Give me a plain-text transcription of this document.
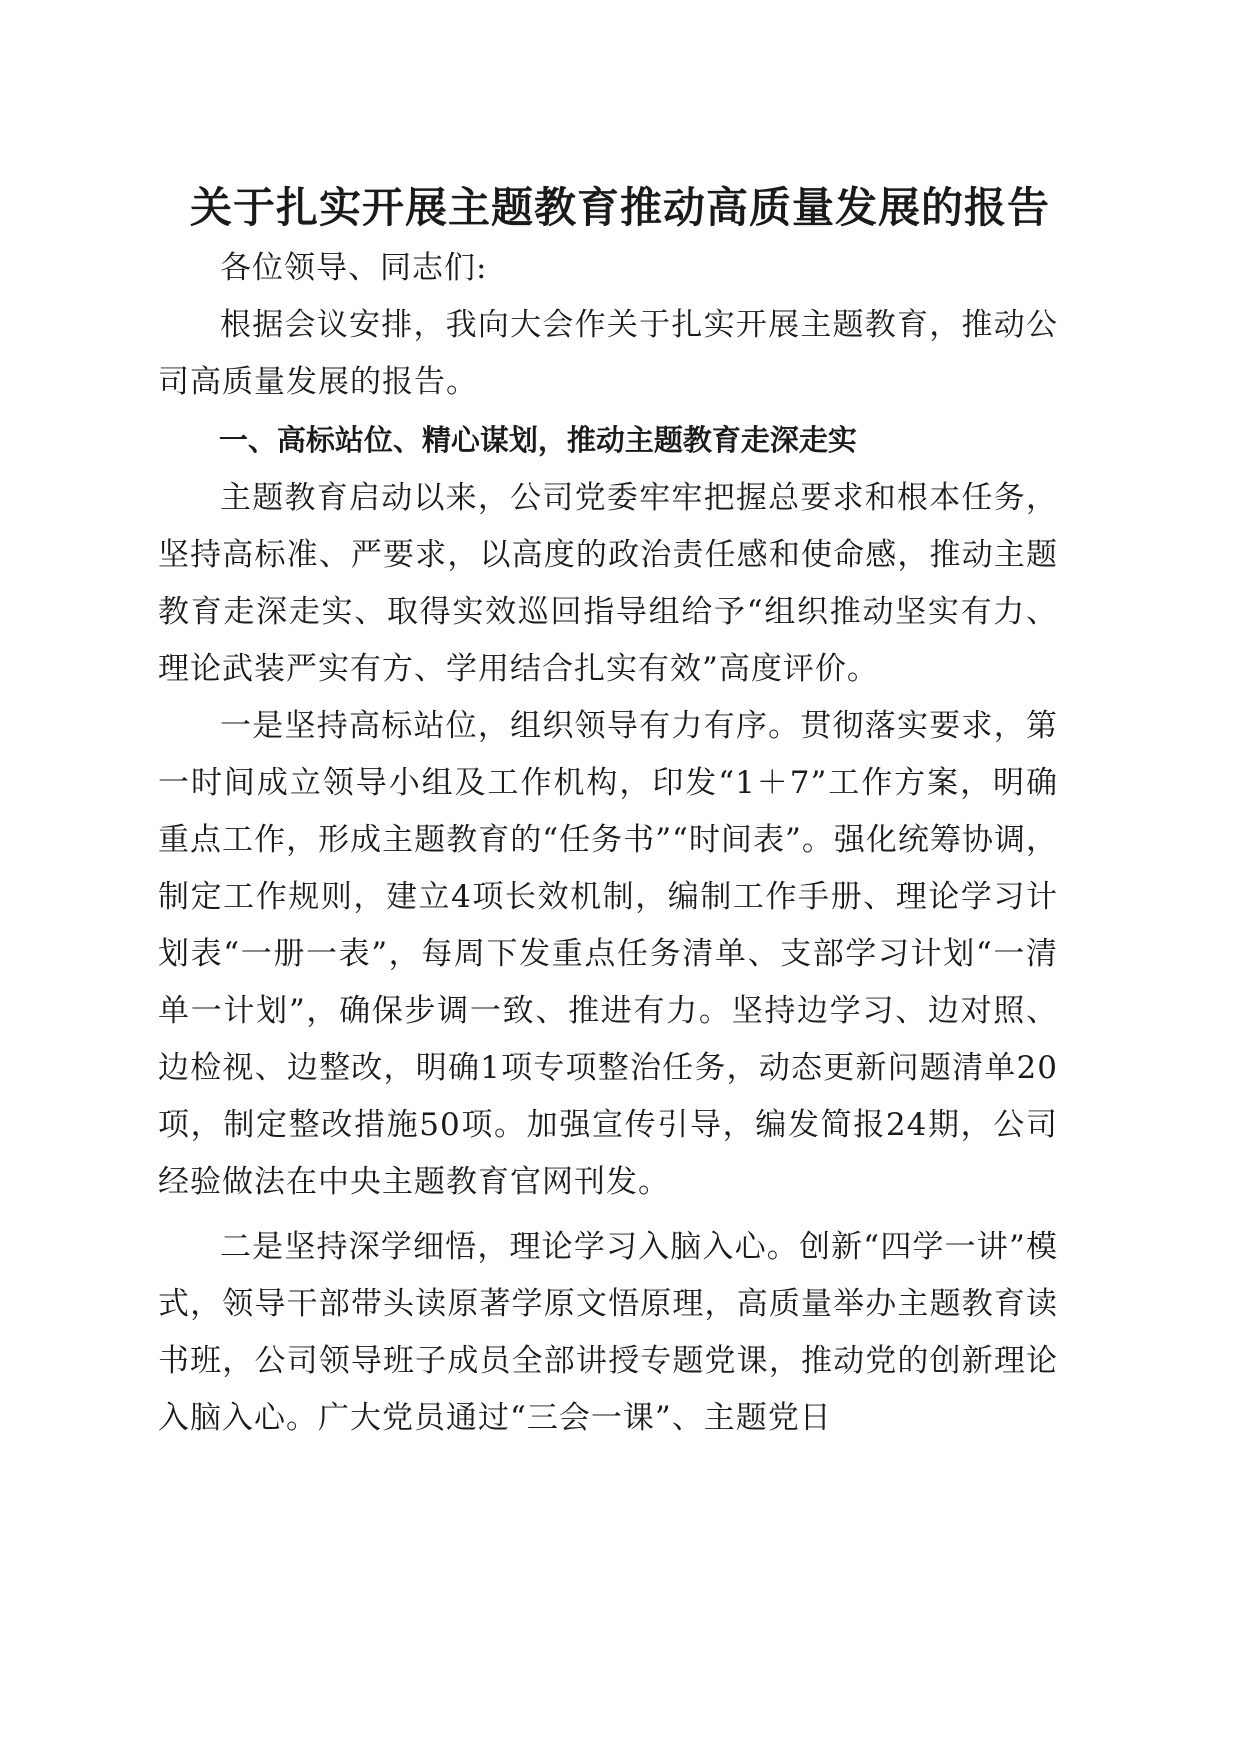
关于扎实开展主题教育推动高质量发展的报告

各位领导、同志们:

根据会议安排，我向大会作关于扎实开展主题教育，推动公司高质量发展的报告。

一、高标站位、精心谋划，推动主题教育走深走实

主题教育启动以来，公司党委牢牢把握总要求和根本任务，坚持高标准、严要求，以高度的政治责任感和使命感，推动主题教育走深走实、取得实效巡回指导组给予“组织推动坚实有力、理论武装严实有方、学用结合扎实有效”高度评价。

一是坚持高标站位，组织领导有力有序。贯彻落实要求，第一时间成立领导小组及工作机构，印发“1＋7”工作方案，明确重点工作，形成主题教育的“任务书”“时间表”。强化统筹协调，制定工作规则，建立4项长效机制，编制工作手册、理论学习计划表“一册一表”，每周下发重点任务清单、支部学习计划“一清单一计划”，确保步调一致、推进有力。坚持边学习、边对照、边检视、边整改，明确1项专项整治任务，动态更新问题清单20项，制定整改措施50项。加强宣传引导，编发简报24期，公司经验做法在中央主题教育官网刊发。

二是坚持深学细悟，理论学习入脑入心。创新“四学一讲”模式，领导干部带头读原著学原文悟原理，高质量举办主题教育读书班，公司领导班子成员全部讲授专题党课，推动党的创新理论入脑入心。广大党员通过“三会一课”、主题党日
